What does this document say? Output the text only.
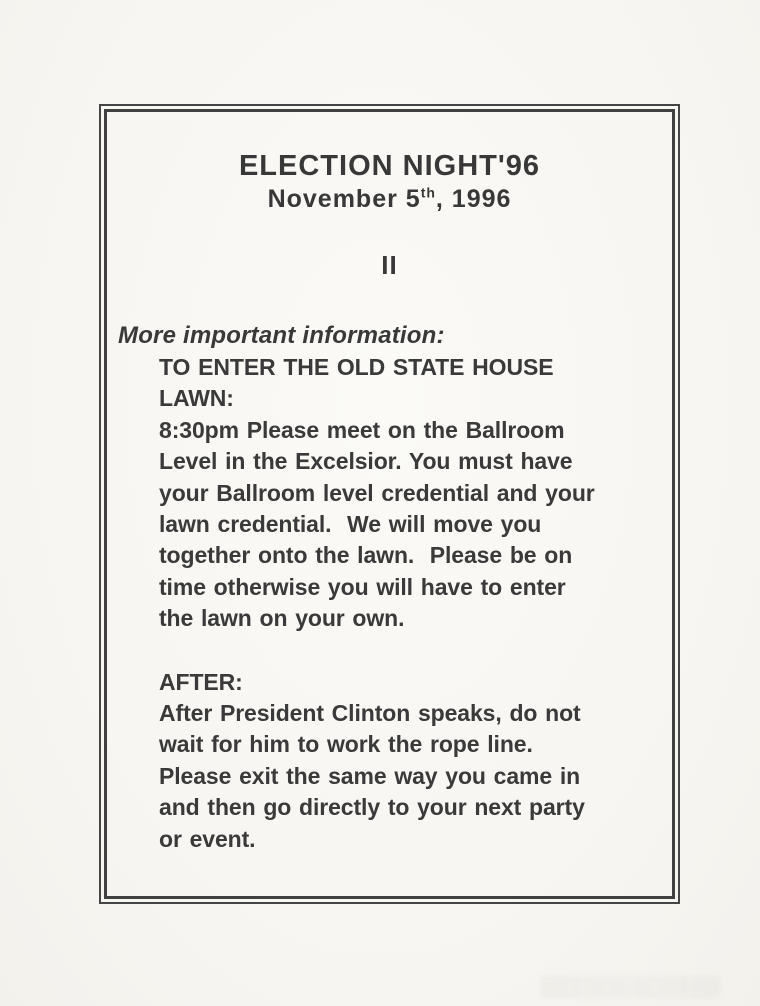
ELECTION NIGHT'96
November 5th, 1996
II
More important information:
TO ENTER THE OLD STATE HOUSE
LAWN:
8:30pm Please meet on the Ballroom
Level in the Excelsior. You must have
your Ballroom level credential and your
lawn credential.  We will move you
together onto the lawn.  Please be on
time otherwise you will have to enter
the lawn on your own.
AFTER:
After President Clinton speaks, do not
wait for him to work the rope line.
Please exit the same way you came in
and then go directly to your next party
or event.
